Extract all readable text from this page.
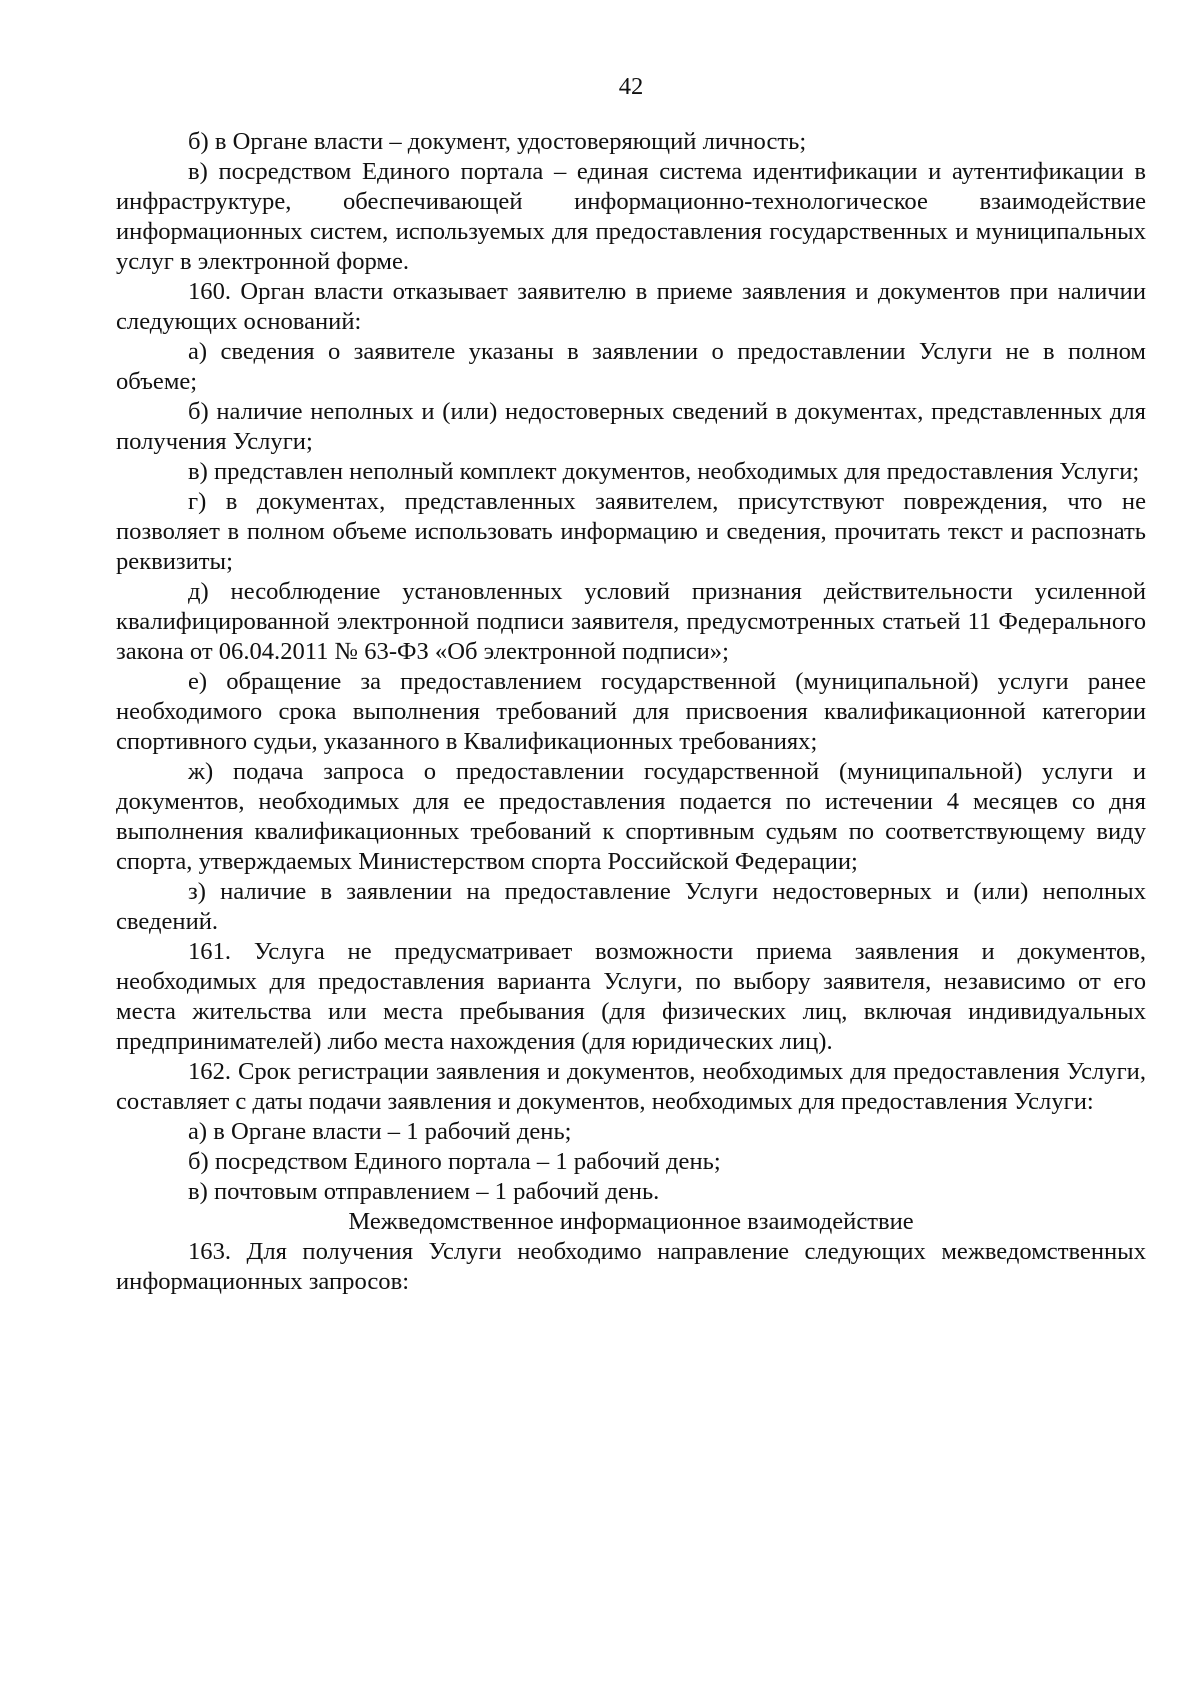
42

б) в Органе власти – документ, удостоверяющий личность;

в) посредством Единого портала – единая система идентификации и аутентификации в инфраструктуре, обеспечивающей информационно-технологическое взаимодействие информационных систем, используемых для предоставления государственных и муниципальных услуг в электронной форме.

160. Орган власти отказывает заявителю в приеме заявления и документов при наличии следующих оснований:

а) сведения о заявителе указаны в заявлении о предоставлении Услуги не в полном объеме;

б) наличие неполных и (или) недостоверных сведений в документах, представленных для получения Услуги;

в) представлен неполный комплект документов, необходимых для предоставления Услуги;

г) в документах, представленных заявителем, присутствуют повреждения, что не позволяет в полном объеме использовать информацию и сведения, прочитать текст и распознать реквизиты;

д) несоблюдение установленных условий признания действительности усиленной квалифицированной электронной подписи заявителя, предусмотренных статьей 11 Федерального закона от 06.04.2011 № 63-ФЗ «Об электронной подписи»;

е) обращение за предоставлением государственной (муниципальной) услуги ранее необходимого срока выполнения требований для присвоения квалификационной категории спортивного судьи, указанного в Квалификационных требованиях;

ж) подача запроса о предоставлении государственной (муниципальной) услуги и документов, необходимых для ее предоставления подается по истечении 4 месяцев со дня выполнения квалификационных требований к спортивным судьям по соответствующему виду спорта, утверждаемых Министерством спорта Российской Федерации;

з) наличие в заявлении на предоставление Услуги недостоверных и (или) неполных сведений.

161. Услуга не предусматривает возможности приема заявления и документов, необходимых для предоставления варианта Услуги, по выбору заявителя, независимо от его места жительства или места пребывания (для физических лиц, включая индивидуальных предпринимателей) либо места нахождения (для юридических лиц).

162. Срок регистрации заявления и документов, необходимых для предоставления Услуги, составляет с даты подачи заявления и документов, необходимых для предоставления Услуги:

а) в Органе власти – 1 рабочий день;

б) посредством Единого портала – 1 рабочий день;

в) почтовым отправлением – 1 рабочий день.

Межведомственное информационное взаимодействие

163. Для получения Услуги необходимо направление следующих межведомственных информационных запросов:
